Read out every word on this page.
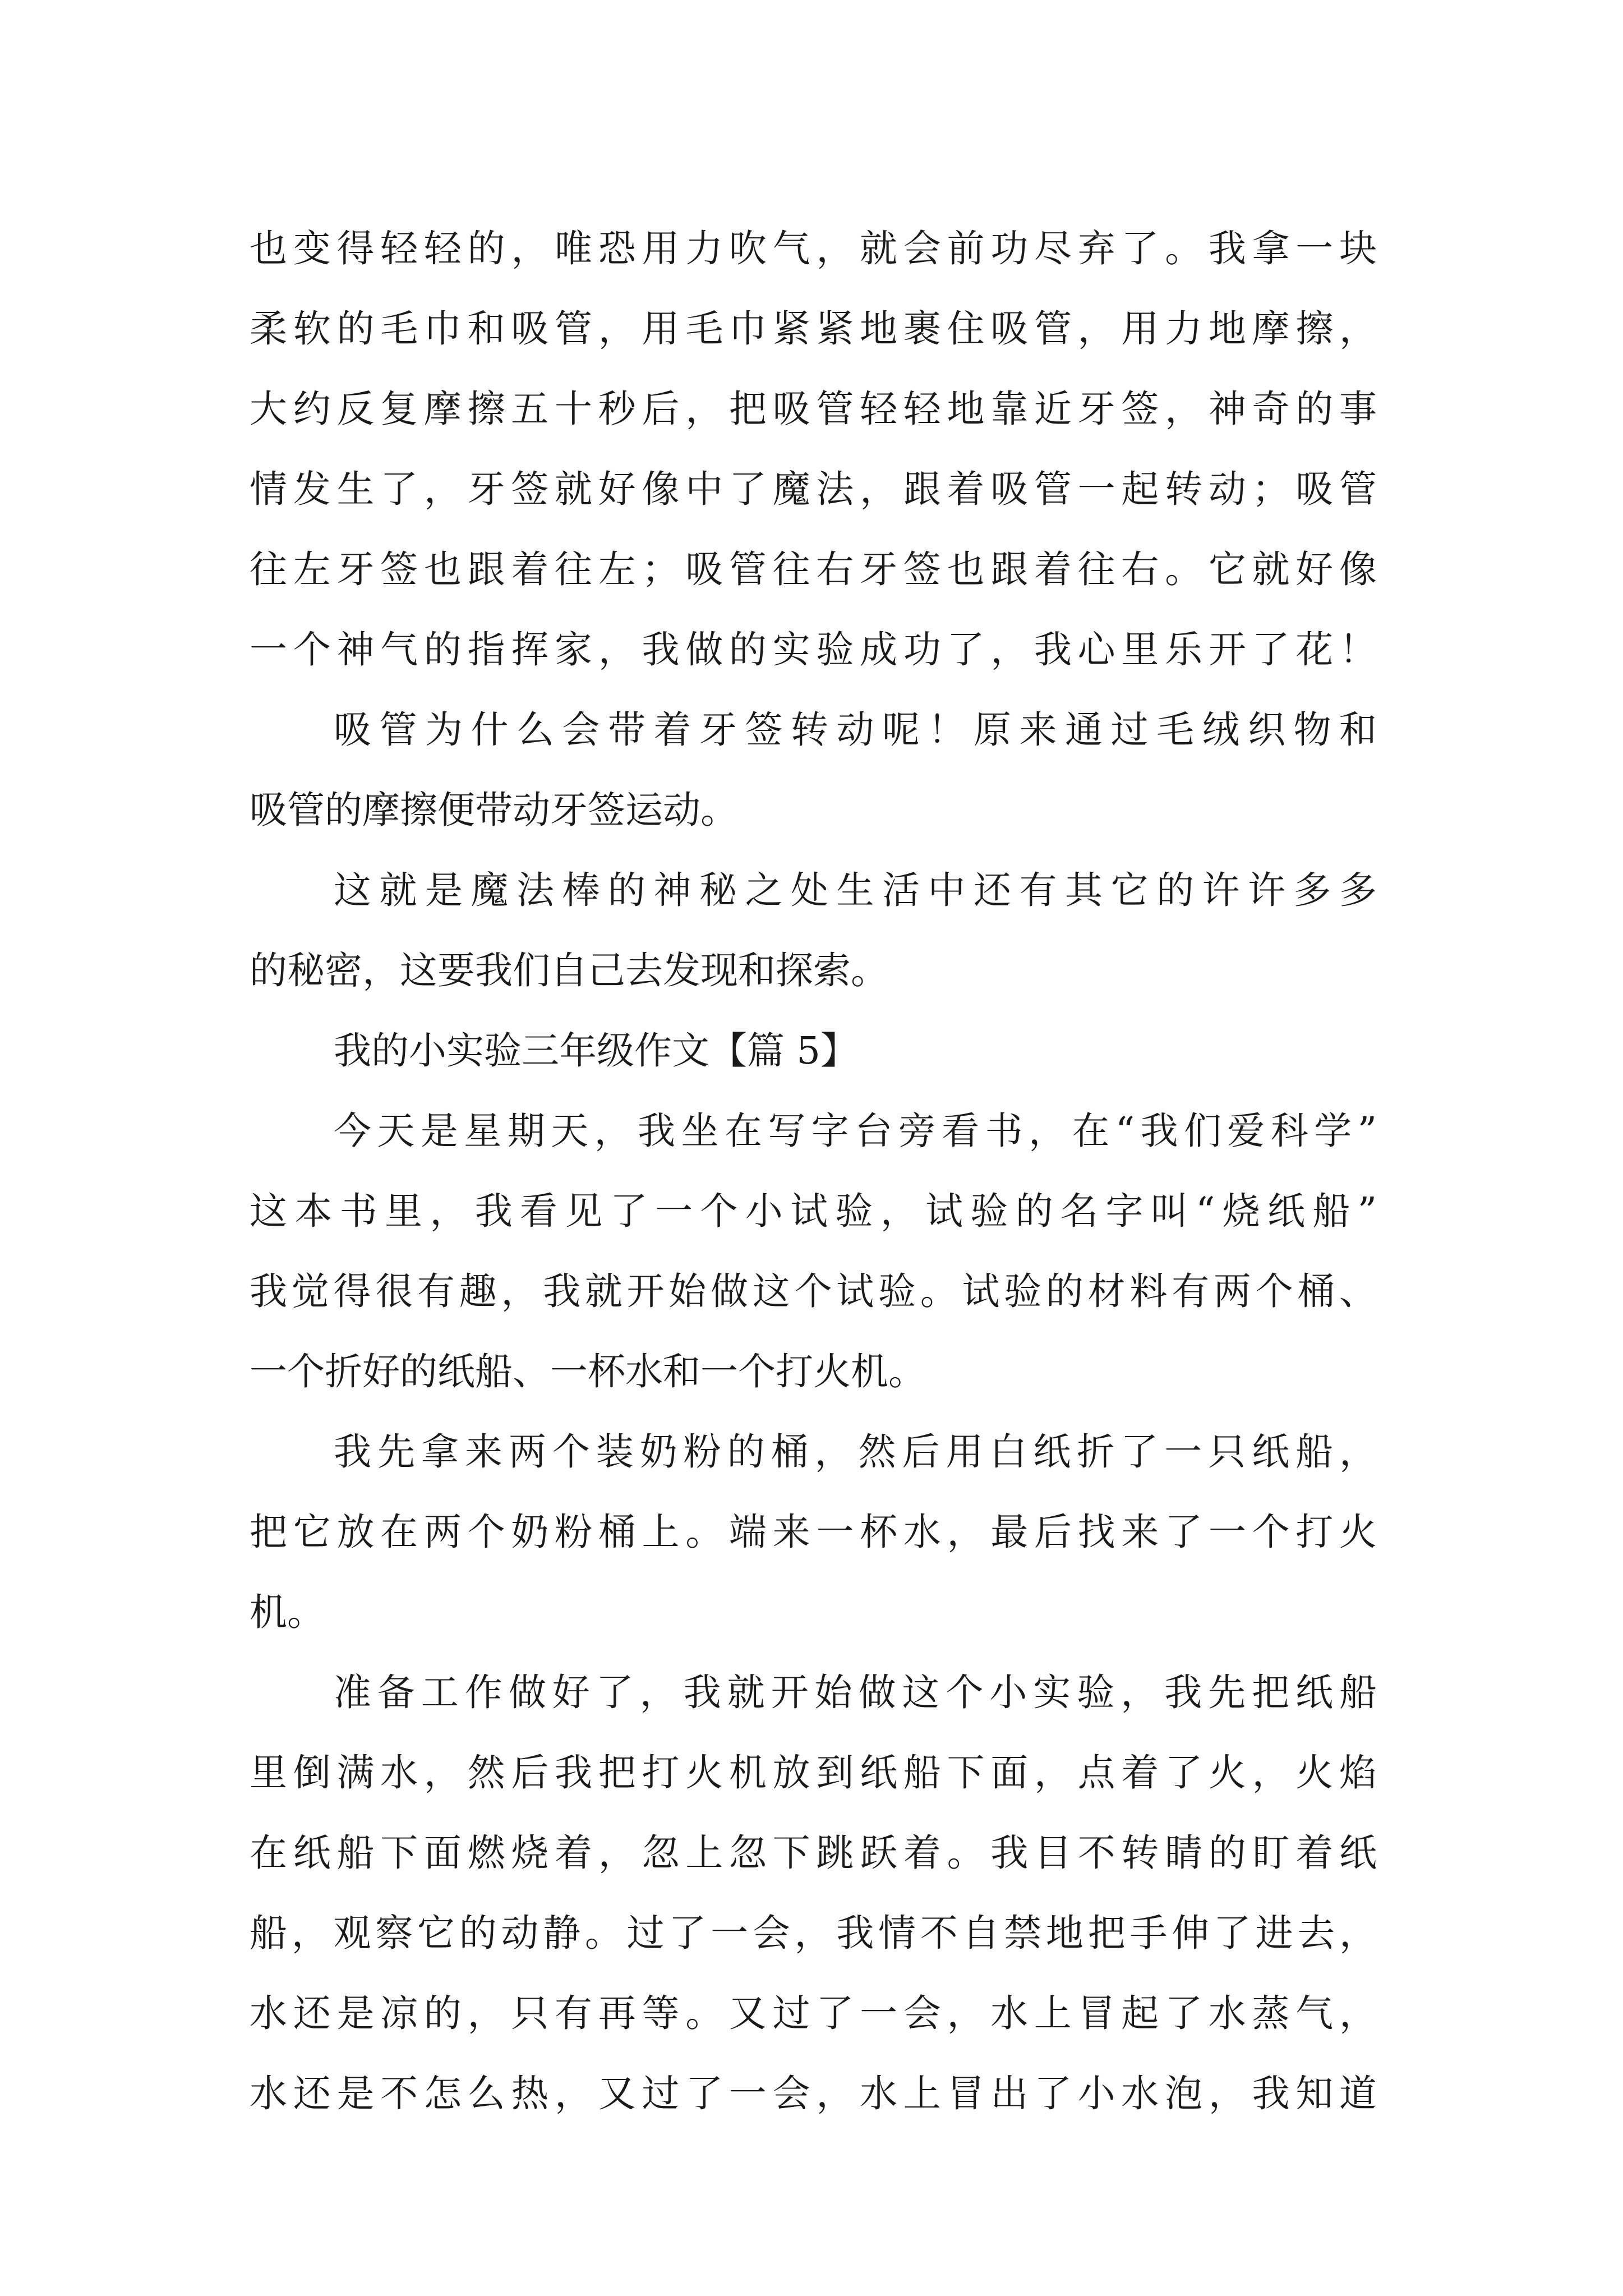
也变得轻轻的，唯恐用力吹气，就会前功尽弃了。我拿一块
柔软的毛巾和吸管，用毛巾紧紧地裹住吸管，用力地摩擦，
大约反复摩擦五十秒后，把吸管轻轻地靠近牙签，神奇的事
情发生了，牙签就好像中了魔法，跟着吸管一起转动；吸管
往左牙签也跟着往左；吸管往右牙签也跟着往右。它就好像
一个神气的指挥家，我做的实验成功了，我心里乐开了花！
吸管为什么会带着牙签转动呢！原来通过毛绒织物和
吸管的摩擦便带动牙签运动。
这就是魔法棒的神秘之处生活中还有其它的许许多多
的秘密，这要我们自己去发现和探索。
我的小实验三年级作文【篇 5】
今天是星期天，我坐在写字台旁看书，在“我们爱科学”
这本书里，我看见了一个小试验，试验的名字叫“烧纸船”
我觉得很有趣，我就开始做这个试验。试验的材料有两个桶、
一个折好的纸船、一杯水和一个打火机。
我先拿来两个装奶粉的桶，然后用白纸折了一只纸船，
把它放在两个奶粉桶上。端来一杯水，最后找来了一个打火
机。
准备工作做好了，我就开始做这个小实验，我先把纸船
里倒满水，然后我把打火机放到纸船下面，点着了火，火焰
在纸船下面燃烧着，忽上忽下跳跃着。我目不转睛的盯着纸
船，观察它的动静。过了一会，我情不自禁地把手伸了进去，
水还是凉的，只有再等。又过了一会，水上冒起了水蒸气，
水还是不怎么热，又过了一会，水上冒出了小水泡，我知道
